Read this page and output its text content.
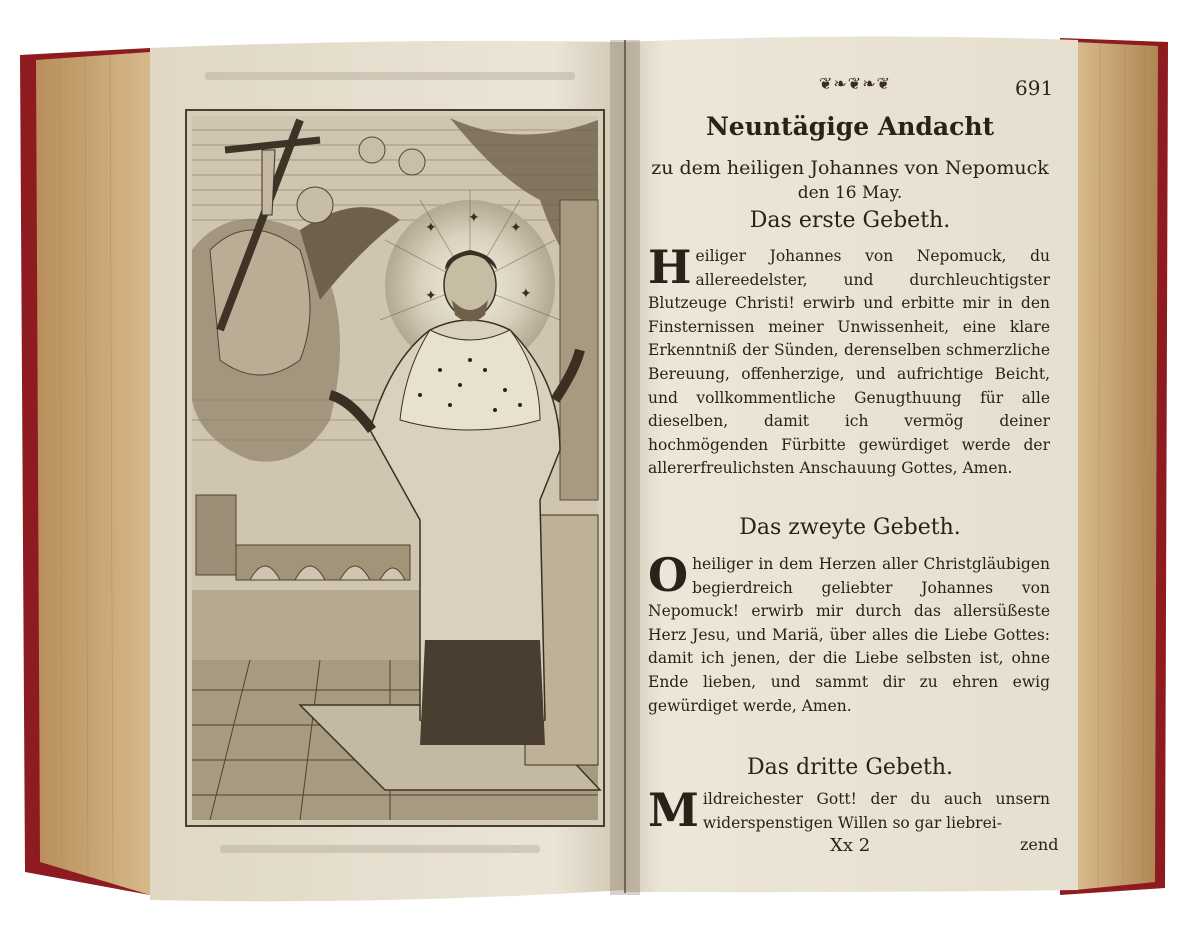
✦	✦
✦	✦
✦
❦❧❦❧❦	691
Neuntägige Andacht
zu dem heiligen Johannes von Nepomuck
den 16 May.
Das erste Gebeth.
H eiliger Johannes von Nepomuck, du allereedelster, und durchleuchtigster Blutzeuge Christi! erwirb und erbitte mir in den Finsternissen meiner Unwissenheit, eine klare Erkenntniß der Sünden, derenselben schmerzliche Bereuung, offenherzige, und aufrichtige Beicht, und vollkommentliche Genugthuung für alle dieselben, damit ich vermög deiner hochmögenden Fürbitte gewürdiget werde der allererfreulichsten Anschauung Gottes, Amen.
Das zweyte Gebeth.
O heiliger in dem Herzen aller Christgläubigen begierdreich geliebter Johannes von Nepomuck! erwirb mir durch das allersüßeste Herz Jesu, und Mariä, über alles die Liebe Gottes: damit ich jenen, der die Liebe selbsten ist, ohne Ende lieben, und sammt dir zu ehren ewig gewürdiget werde, Amen.
Das dritte Gebeth.
M ildreichester Gott! der du auch unsern widerspenstigen Willen so gar liebrei-
Xx 2	zend
